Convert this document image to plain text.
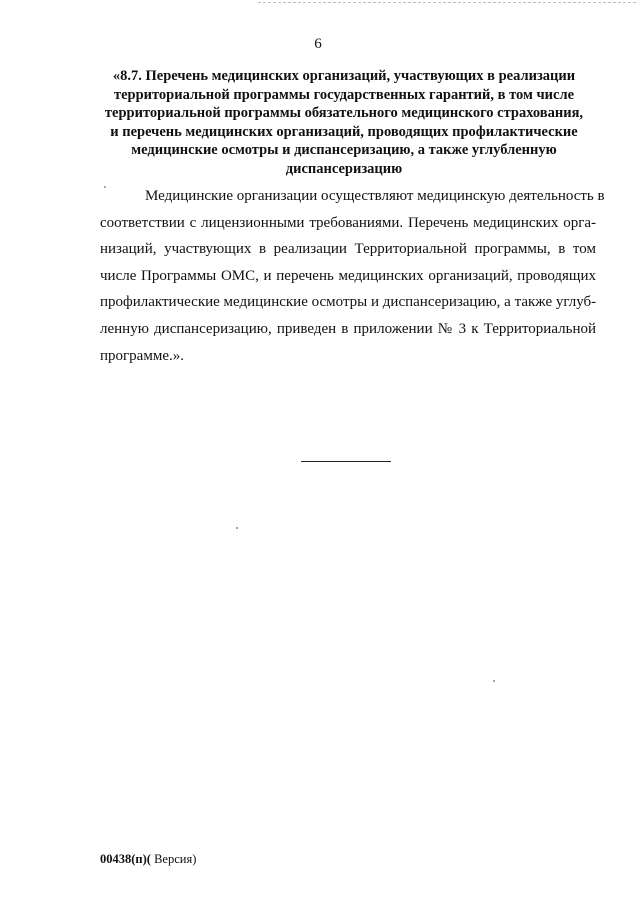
6
«8.7. Перечень медицинских организаций, участвующих в реализации
территориальной программы государственных гарантий, в том числе
территориальной программы обязательного медицинского страхования,
и перечень медицинских организаций, проводящих профилактические
медицинские осмотры и диспансеризацию, а также углубленную
диспансеризацию

Медицинские организации осуществляют медицинскую деятельность в
соответствии с лицензионными требованиями. Перечень медицинских орга-
низаций, участвующих в реализации Территориальной программы, в том
числе Программы ОМС, и перечень медицинских организаций, проводящих
профилактические медицинские осмотры и диспансеризацию, а также углуб-
ленную диспансеризацию, приведен в приложении № 3 к Территориальной
программе.».

00438(п)( Версия)
